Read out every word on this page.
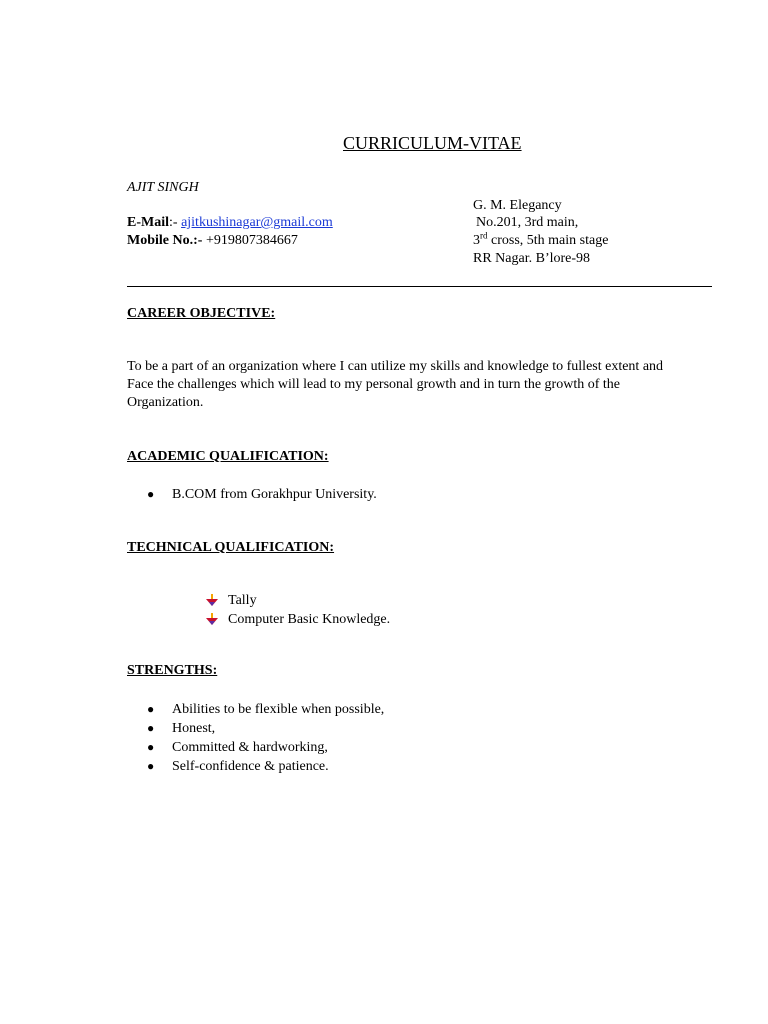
CURRICULUM-VITAE
AJIT SINGH
E-Mail:- ajitkushinagar@gmail.com
Mobile No.:- +919807384667
G. M. Elegancy
No.201, 3rd main,
3rd cross, 5th main stage
RR Nagar. B’lore-98
CAREER OBJECTIVE:
To be a part of an organization where I can utilize my skills and knowledge to fullest extent and
Face the challenges which will lead to my personal growth and in turn the growth of the
Organization.
ACADEMIC QUALIFICATION:
● B.COM from Gorakhpur University.
TECHNICAL QUALIFICATION:
Tally
Computer Basic Knowledge.
STRENGTHS:
● Abilities to be flexible when possible,
● Honest,
● Committed & hardworking,
● Self-confidence & patience.
